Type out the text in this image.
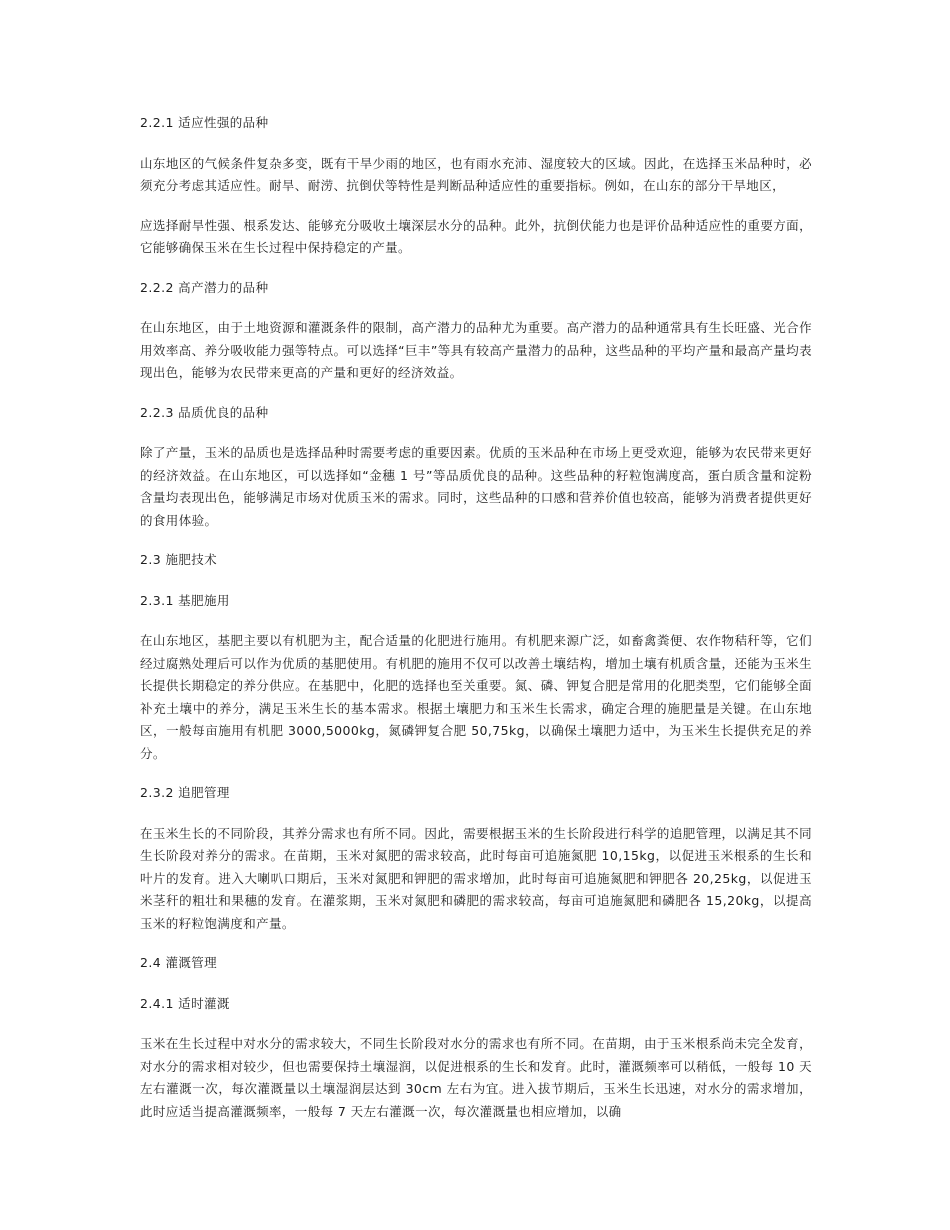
2.2.1 适应性强的品种

山东地区的气候条件复杂多变，既有干旱少雨的地区，也有雨水充沛、湿度较大的区域。因此，在选择玉米品种时，必须充分考虑其适应性。耐旱、耐涝、抗倒伏等特性是判断品种适应性的重要指标。例如，在山东的部分干旱地区，

应选择耐旱性强、根系发达、能够充分吸收土壤深层水分的品种。此外，抗倒伏能力也是评价品种适应性的重要方面，它能够确保玉米在生长过程中保持稳定的产量。

2.2.2 高产潜力的品种

在山东地区，由于土地资源和灌溉条件的限制，高产潜力的品种尤为重要。高产潜力的品种通常具有生长旺盛、光合作用效率高、养分吸收能力强等特点。可以选择“巨丰”等具有较高产量潜力的品种，这些品种的平均产量和最高产量均表现出色，能够为农民带来更高的产量和更好的经济效益。

2.2.3 品质优良的品种

除了产量，玉米的品质也是选择品种时需要考虑的重要因素。优质的玉米品种在市场上更受欢迎，能够为农民带来更好的经济效益。在山东地区，可以选择如“金穗 1 号”等品质优良的品种。这些品种的籽粒饱满度高，蛋白质含量和淀粉含量均表现出色，能够满足市场对优质玉米的需求。同时，这些品种的口感和营养价值也较高，能够为消费者提供更好的食用体验。

2.3 施肥技术

2.3.1 基肥施用

在山东地区，基肥主要以有机肥为主，配合适量的化肥进行施用。有机肥来源广泛，如畜禽粪便、农作物秸秆等，它们经过腐熟处理后可以作为优质的基肥使用。有机肥的施用不仅可以改善土壤结构，增加土壤有机质含量，还能为玉米生长提供长期稳定的养分供应。在基肥中，化肥的选择也至关重要。氮、磷、钾复合肥是常用的化肥类型，它们能够全面补充土壤中的养分，满足玉米生长的基本需求。根据土壤肥力和玉米生长需求，确定合理的施肥量是关键。在山东地区，一般每亩施用有机肥 3000,5000kg，氮磷钾复合肥 50,75kg，以确保土壤肥力适中，为玉米生长提供充足的养分。

2.3.2 追肥管理

在玉米生长的不同阶段，其养分需求也有所不同。因此，需要根据玉米的生长阶段进行科学的追肥管理，以满足其不同生长阶段对养分的需求。在苗期，玉米对氮肥的需求较高，此时每亩可追施氮肥 10,15kg，以促进玉米根系的生长和叶片的发育。进入大喇叭口期后，玉米对氮肥和钾肥的需求增加，此时每亩可追施氮肥和钾肥各 20,25kg，以促进玉米茎秆的粗壮和果穗的发育。在灌浆期，玉米对氮肥和磷肥的需求较高，每亩可追施氮肥和磷肥各 15,20kg，以提高玉米的籽粒饱满度和产量。

2.4 灌溉管理

2.4.1 适时灌溉

玉米在生长过程中对水分的需求较大，不同生长阶段对水分的需求也有所不同。在苗期，由于玉米根系尚未完全发育，对水分的需求相对较少，但也需要保持土壤湿润，以促进根系的生长和发育。此时，灌溉频率可以稍低，一般每 10 天左右灌溉一次，每次灌溉量以土壤湿润层达到 30cm 左右为宜。进入拔节期后，玉米生长迅速，对水分的需求增加，此时应适当提高灌溉频率，一般每 7 天左右灌溉一次，每次灌溉量也相应增加，以确
